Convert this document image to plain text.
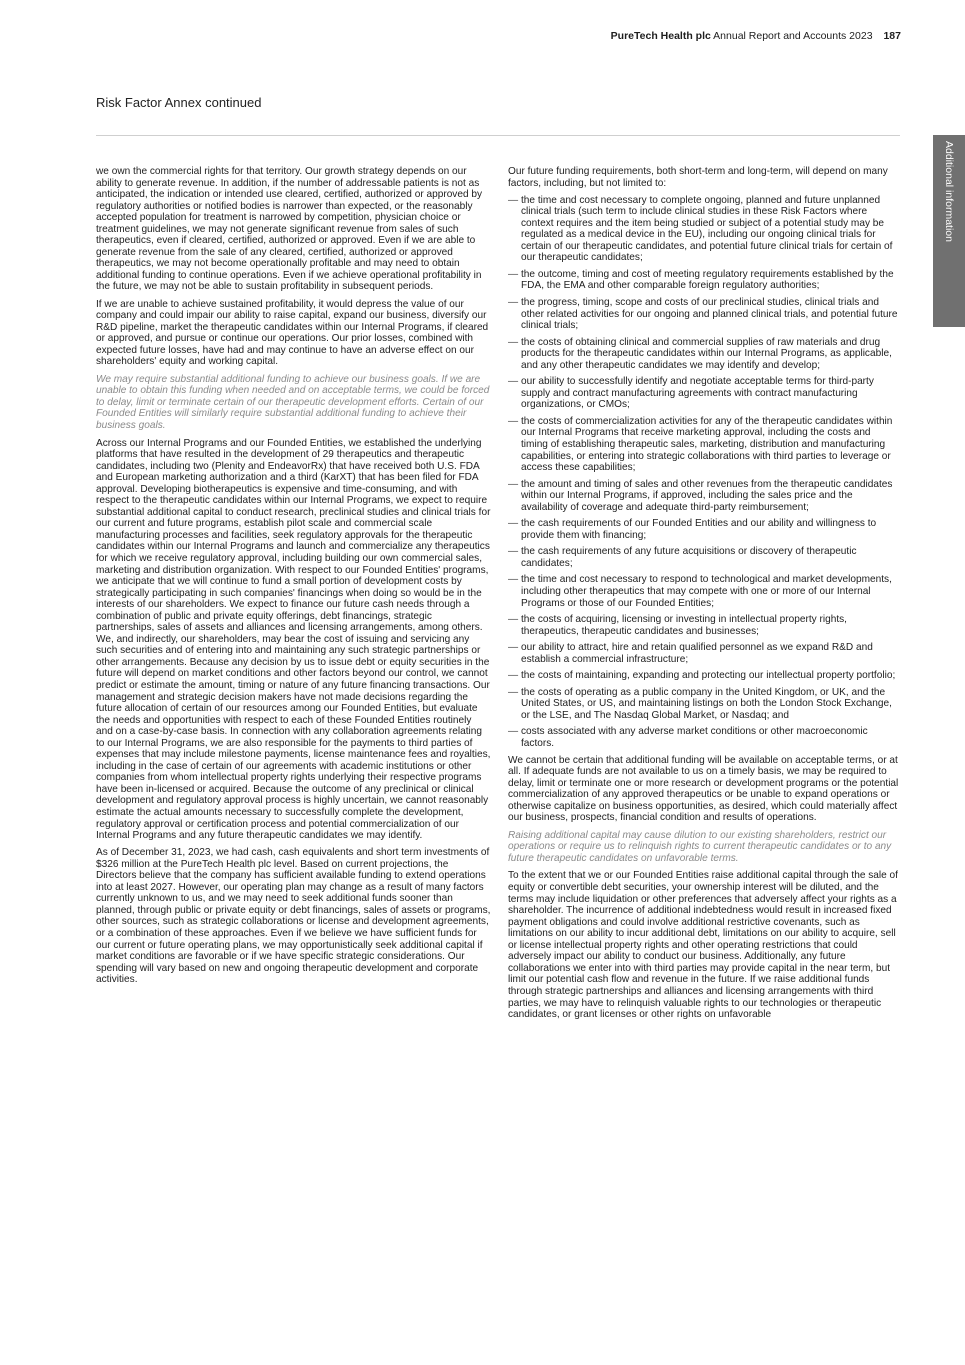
PureTech Health plc Annual Report and Accounts 2023 187
Risk Factor Annex continued
Additional information

we own the commercial rights for that territory. Our growth strategy depends on our ability to generate revenue. In addition, if the number of addressable patients is not as anticipated, the indication or intended use cleared, certified, authorized or approved by regulatory authorities or notified bodies is narrower than expected, or the reasonably accepted population for treatment is narrowed by competition, physician choice or treatment guidelines, we may not generate significant revenue from sales of such therapeutics, even if cleared, certified, authorized or approved. Even if we are able to generate revenue from the sale of any cleared, certified, authorized or approved therapeutics, we may not become operationally profitable and may need to obtain additional funding to continue operations. Even if we achieve operational profitability in the future, we may not be able to sustain profitability in subsequent periods.

If we are unable to achieve sustained profitability, it would depress the value of our company and could impair our ability to raise capital, expand our business, diversify our R&D pipeline, market the therapeutic candidates within our Internal Programs, if cleared or approved, and pursue or continue our operations. Our prior losses, combined with expected future losses, have had and may continue to have an adverse effect on our shareholders' equity and working capital.

We may require substantial additional funding to achieve our business goals. If we are unable to obtain this funding when needed and on acceptable terms, we could be forced to delay, limit or terminate certain of our therapeutic development efforts. Certain of our Founded Entities will similarly require substantial additional funding to achieve their business goals.

Across our Internal Programs and our Founded Entities, we established the underlying platforms that have resulted in the development of 29 therapeutics and therapeutic candidates, including two (Plenity and EndeavorRx) that have received both U.S. FDA and European marketing authorization and a third (KarXT) that has been filed for FDA approval. Developing biotherapeutics is expensive and time-consuming, and with respect to the therapeutic candidates within our Internal Programs, we expect to require substantial additional capital to conduct research, preclinical studies and clinical trials for our current and future programs, establish pilot scale and commercial scale manufacturing processes and facilities, seek regulatory approvals for the therapeutic candidates within our Internal Programs and launch and commercialize any therapeutics for which we receive regulatory approval, including building our own commercial sales, marketing and distribution organization. With respect to our Founded Entities' programs, we anticipate that we will continue to fund a small portion of development costs by strategically participating in such companies' financings when doing so would be in the interests of our shareholders. We expect to finance our future cash needs through a combination of public and private equity offerings, debt financings, strategic partnerships, sales of assets and alliances and licensing arrangements, among others. We, and indirectly, our shareholders, may bear the cost of issuing and servicing any such securities and of entering into and maintaining any such strategic partnerships or other arrangements. Because any decision by us to issue debt or equity securities in the future will depend on market conditions and other factors beyond our control, we cannot predict or estimate the amount, timing or nature of any future financing transactions. Our management and strategic decision makers have not made decisions regarding the future allocation of certain of our resources among our Founded Entities, but evaluate the needs and opportunities with respect to each of these Founded Entities routinely and on a case-by-case basis. In connection with any collaboration agreements relating to our Internal Programs, we are also responsible for the payments to third parties of expenses that may include milestone payments, license maintenance fees and royalties, including in the case of certain of our agreements with academic institutions or other companies from whom intellectual property rights underlying their respective programs have been in-licensed or acquired. Because the outcome of any preclinical or clinical development and regulatory approval process is highly uncertain, we cannot reasonably estimate the actual amounts necessary to successfully complete the development, regulatory approval or certification process and potential commercialization of our Internal Programs and any future therapeutic candidates we may identify.

As of December 31, 2023, we had cash, cash equivalents and short term investments of $326 million at the PureTech Health plc level. Based on current projections, the Directors believe that the company has sufficient available funding to extend operations into at least 2027. However, our operating plan may change as a result of many factors currently unknown to us, and we may need to seek additional funds sooner than planned, through public or private equity or debt financings, sales of assets or programs, other sources, such as strategic collaborations or license and development agreements, or a combination of these approaches. Even if we believe we have sufficient funds for our current or future operating plans, we may opportunistically seek additional capital if market conditions are favorable or if we have specific strategic considerations. Our spending will vary based on new and ongoing therapeutic development and corporate activities.

Our future funding requirements, both short-term and long-term, will depend on many factors, including, but not limited to:

— the time and cost necessary to complete ongoing, planned and future unplanned clinical trials (such term to include clinical studies in these Risk Factors where context requires and the item being studied or subject of a potential study may be regulated as a medical device in the EU), including our ongoing clinical trials for certain of our therapeutic candidates, and potential future clinical trials for certain of our therapeutic candidates;
— the outcome, timing and cost of meeting regulatory requirements established by the FDA, the EMA and other comparable foreign regulatory authorities;
— the progress, timing, scope and costs of our preclinical studies, clinical trials and other related activities for our ongoing and planned clinical trials, and potential future clinical trials;
— the costs of obtaining clinical and commercial supplies of raw materials and drug products for the therapeutic candidates within our Internal Programs, as applicable, and any other therapeutic candidates we may identify and develop;
— our ability to successfully identify and negotiate acceptable terms for third-party supply and contract manufacturing agreements with contract manufacturing organizations, or CMOs;
— the costs of commercialization activities for any of the therapeutic candidates within our Internal Programs that receive marketing approval, including the costs and timing of establishing therapeutic sales, marketing, distribution and manufacturing capabilities, or entering into strategic collaborations with third parties to leverage or access these capabilities;
— the amount and timing of sales and other revenues from the therapeutic candidates within our Internal Programs, if approved, including the sales price and the availability of coverage and adequate third-party reimbursement;
— the cash requirements of our Founded Entities and our ability and willingness to provide them with financing;
— the cash requirements of any future acquisitions or discovery of therapeutic candidates;
— the time and cost necessary to respond to technological and market developments, including other therapeutics that may compete with one or more of our Internal Programs or those of our Founded Entities;
— the costs of acquiring, licensing or investing in intellectual property rights, therapeutics, therapeutic candidates and businesses;
— our ability to attract, hire and retain qualified personnel as we expand R&D and establish a commercial infrastructure;
— the costs of maintaining, expanding and protecting our intellectual property portfolio;
— the costs of operating as a public company in the United Kingdom, or UK, and the United States, or US, and maintaining listings on both the London Stock Exchange, or the LSE, and The Nasdaq Global Market, or Nasdaq; and
— costs associated with any adverse market conditions or other macroeconomic factors.

We cannot be certain that additional funding will be available on acceptable terms, or at all. If adequate funds are not available to us on a timely basis, we may be required to delay, limit or terminate one or more research or development programs or the potential commercialization of any approved therapeutics or be unable to expand operations or otherwise capitalize on business opportunities, as desired, which could materially affect our business, prospects, financial condition and results of operations.

Raising additional capital may cause dilution to our existing shareholders, restrict our operations or require us to relinquish rights to current therapeutic candidates or to any future therapeutic candidates on unfavorable terms.

To the extent that we or our Founded Entities raise additional capital through the sale of equity or convertible debt securities, your ownership interest will be diluted, and the terms may include liquidation or other preferences that adversely affect your rights as a shareholder. The incurrence of additional indebtedness would result in increased fixed payment obligations and could involve additional restrictive covenants, such as limitations on our ability to incur additional debt, limitations on our ability to acquire, sell or license intellectual property rights and other operating restrictions that could adversely impact our ability to conduct our business. Additionally, any future collaborations we enter into with third parties may provide capital in the near term, but limit our potential cash flow and revenue in the future. If we raise additional funds through strategic partnerships and alliances and licensing arrangements with third parties, we may have to relinquish valuable rights to our technologies or therapeutic candidates, or grant licenses or other rights on unfavorable
